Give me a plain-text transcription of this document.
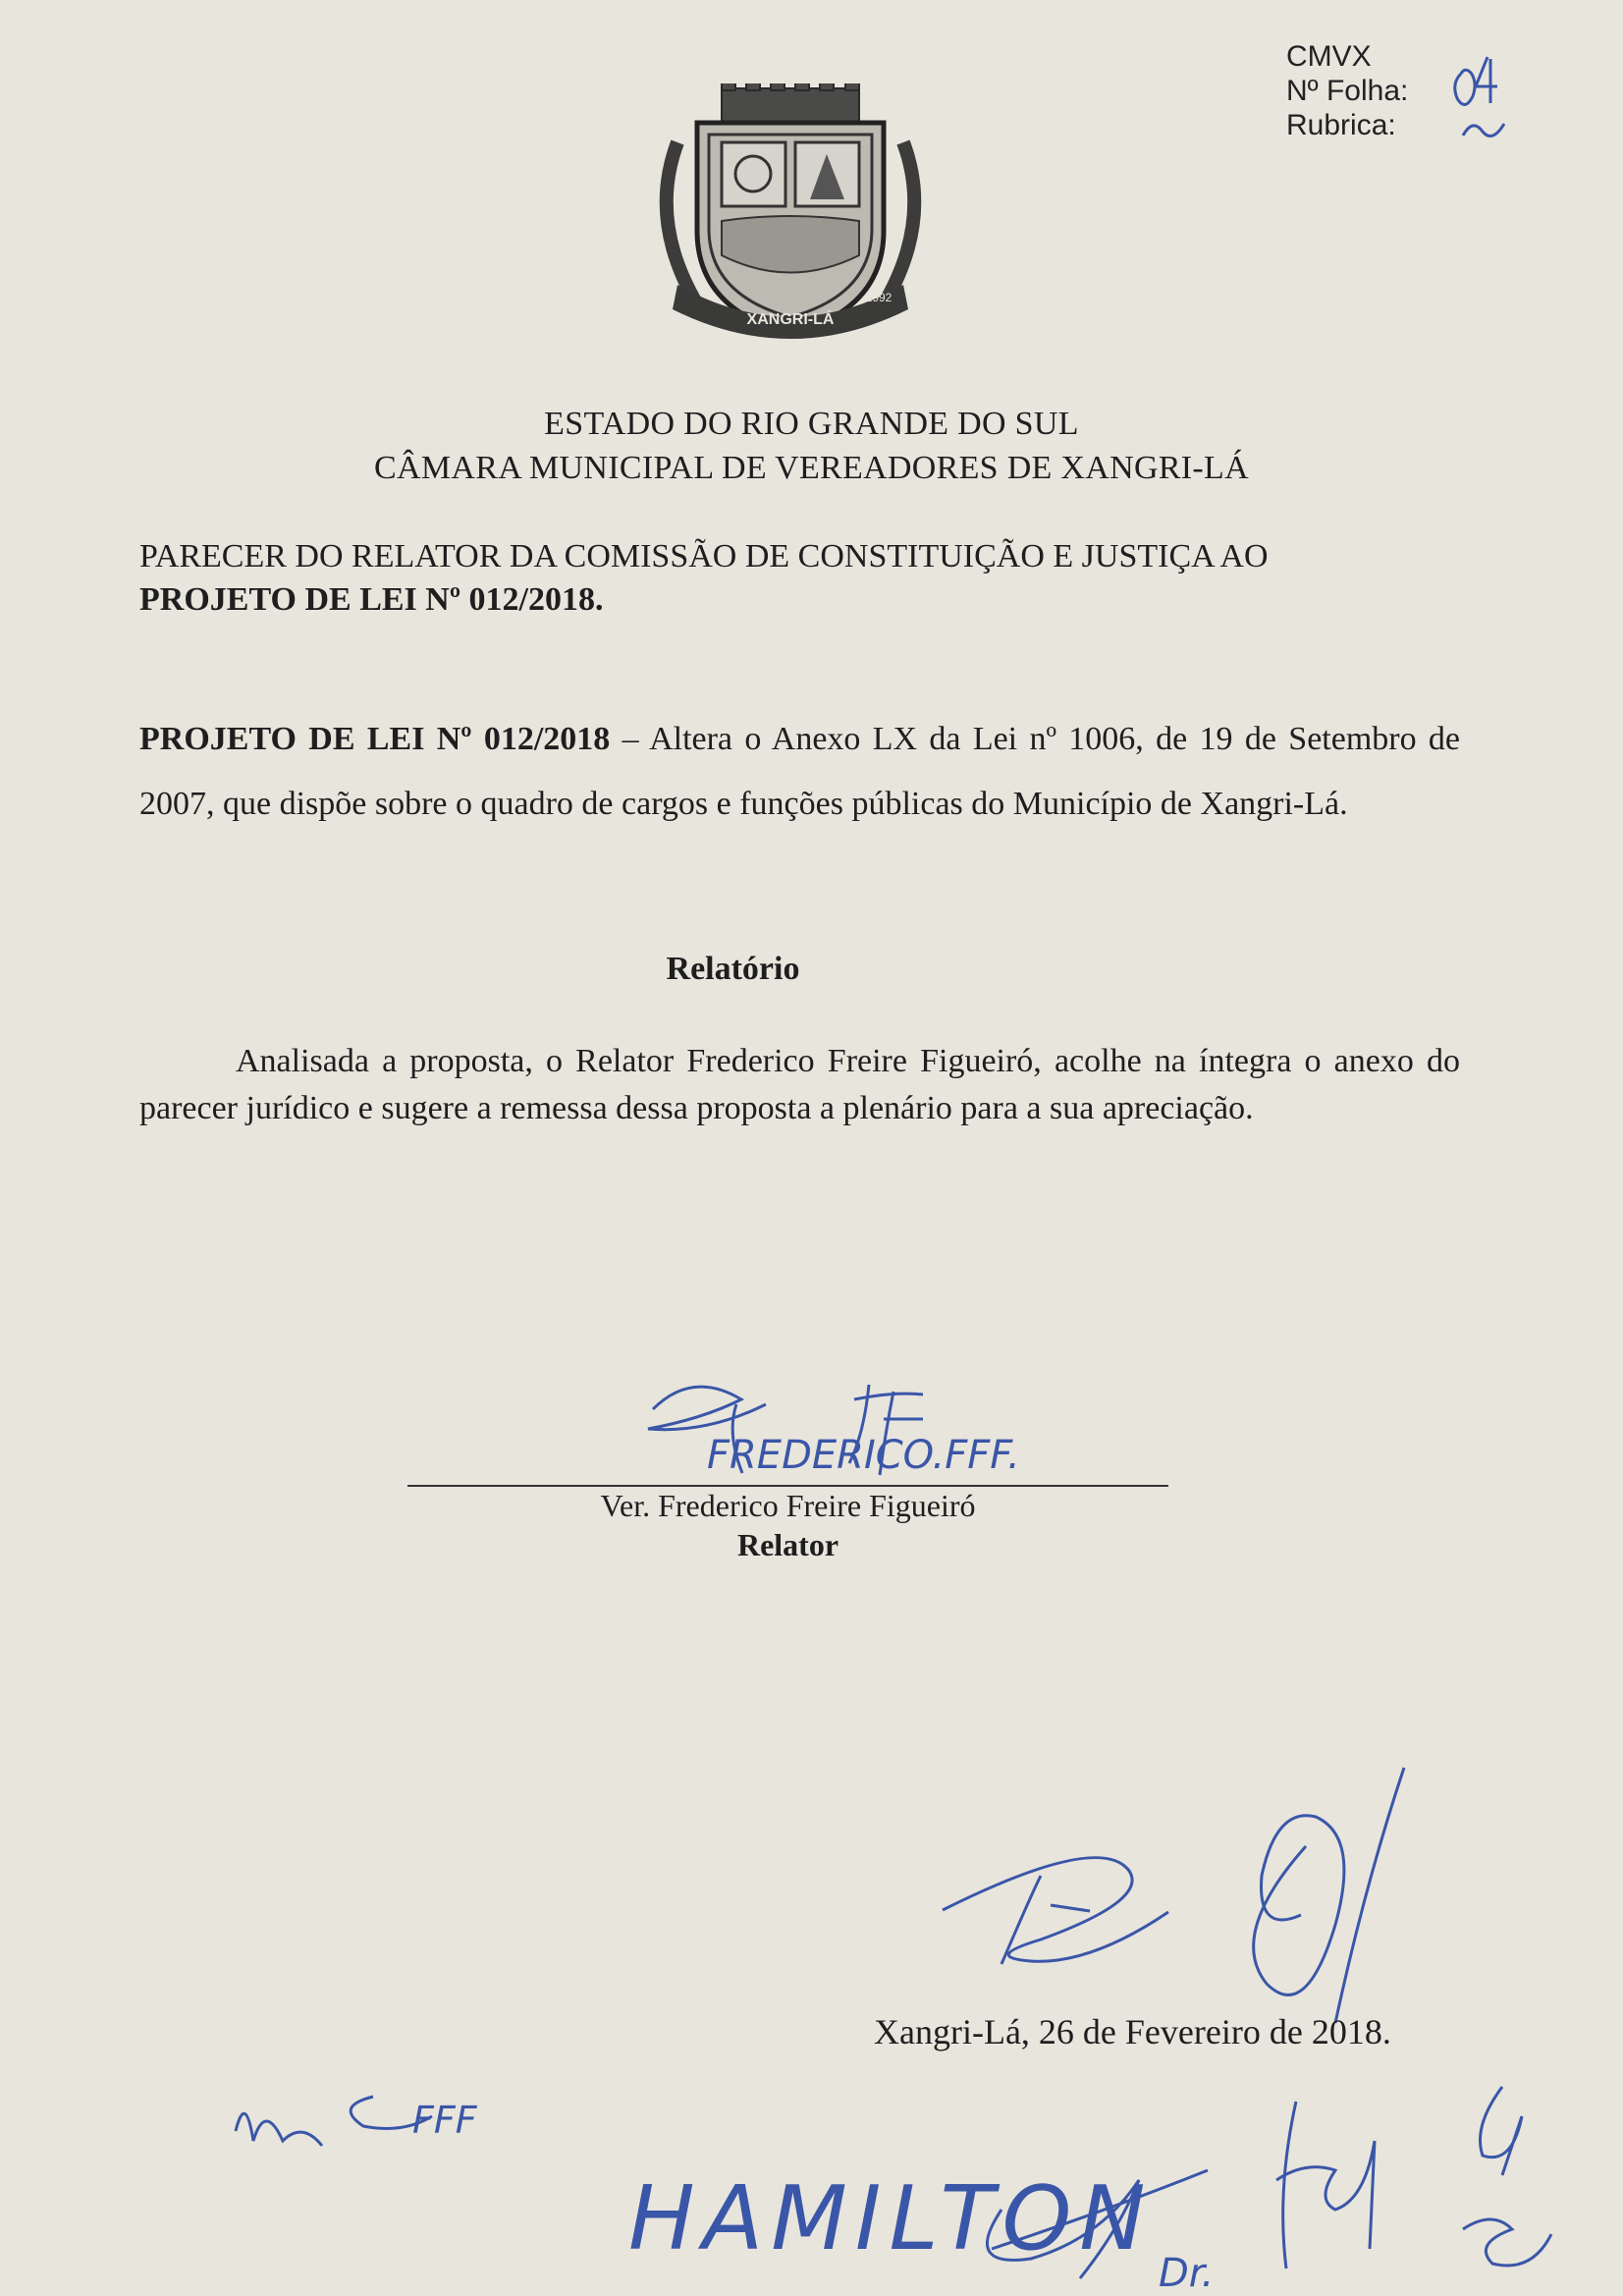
CMVX
Nº Folha:
Rubrica:
XANGRI-LÁ
1992
ESTADO DO RIO GRANDE DO SUL
CÂMARA MUNICIPAL DE VEREADORES DE XANGRI-LÁ
PARECER DO RELATOR DA COMISSÃO DE CONSTITUIÇÃO E JUSTIÇA AO
PROJETO DE LEI Nº 012/2018.
PROJETO DE LEI Nº 012/2018 – Altera o Anexo LX da Lei nº 1006, de 19 de Setembro de 2007, que dispõe sobre o quadro de cargos e funções públicas do Município de Xangri-Lá.
Relatório
Analisada a proposta, o Relator Frederico Freire Figueiró, acolhe na íntegra o anexo do parecer jurídico e sugere a remessa dessa proposta a plenário para a sua apreciação.
FREDERICO.FFF.
Ver. Frederico Freire Figueiró
Relator
Xangri-Lá, 26 de Fevereiro de 2018.
FFF
HAMILTON
Dr.
